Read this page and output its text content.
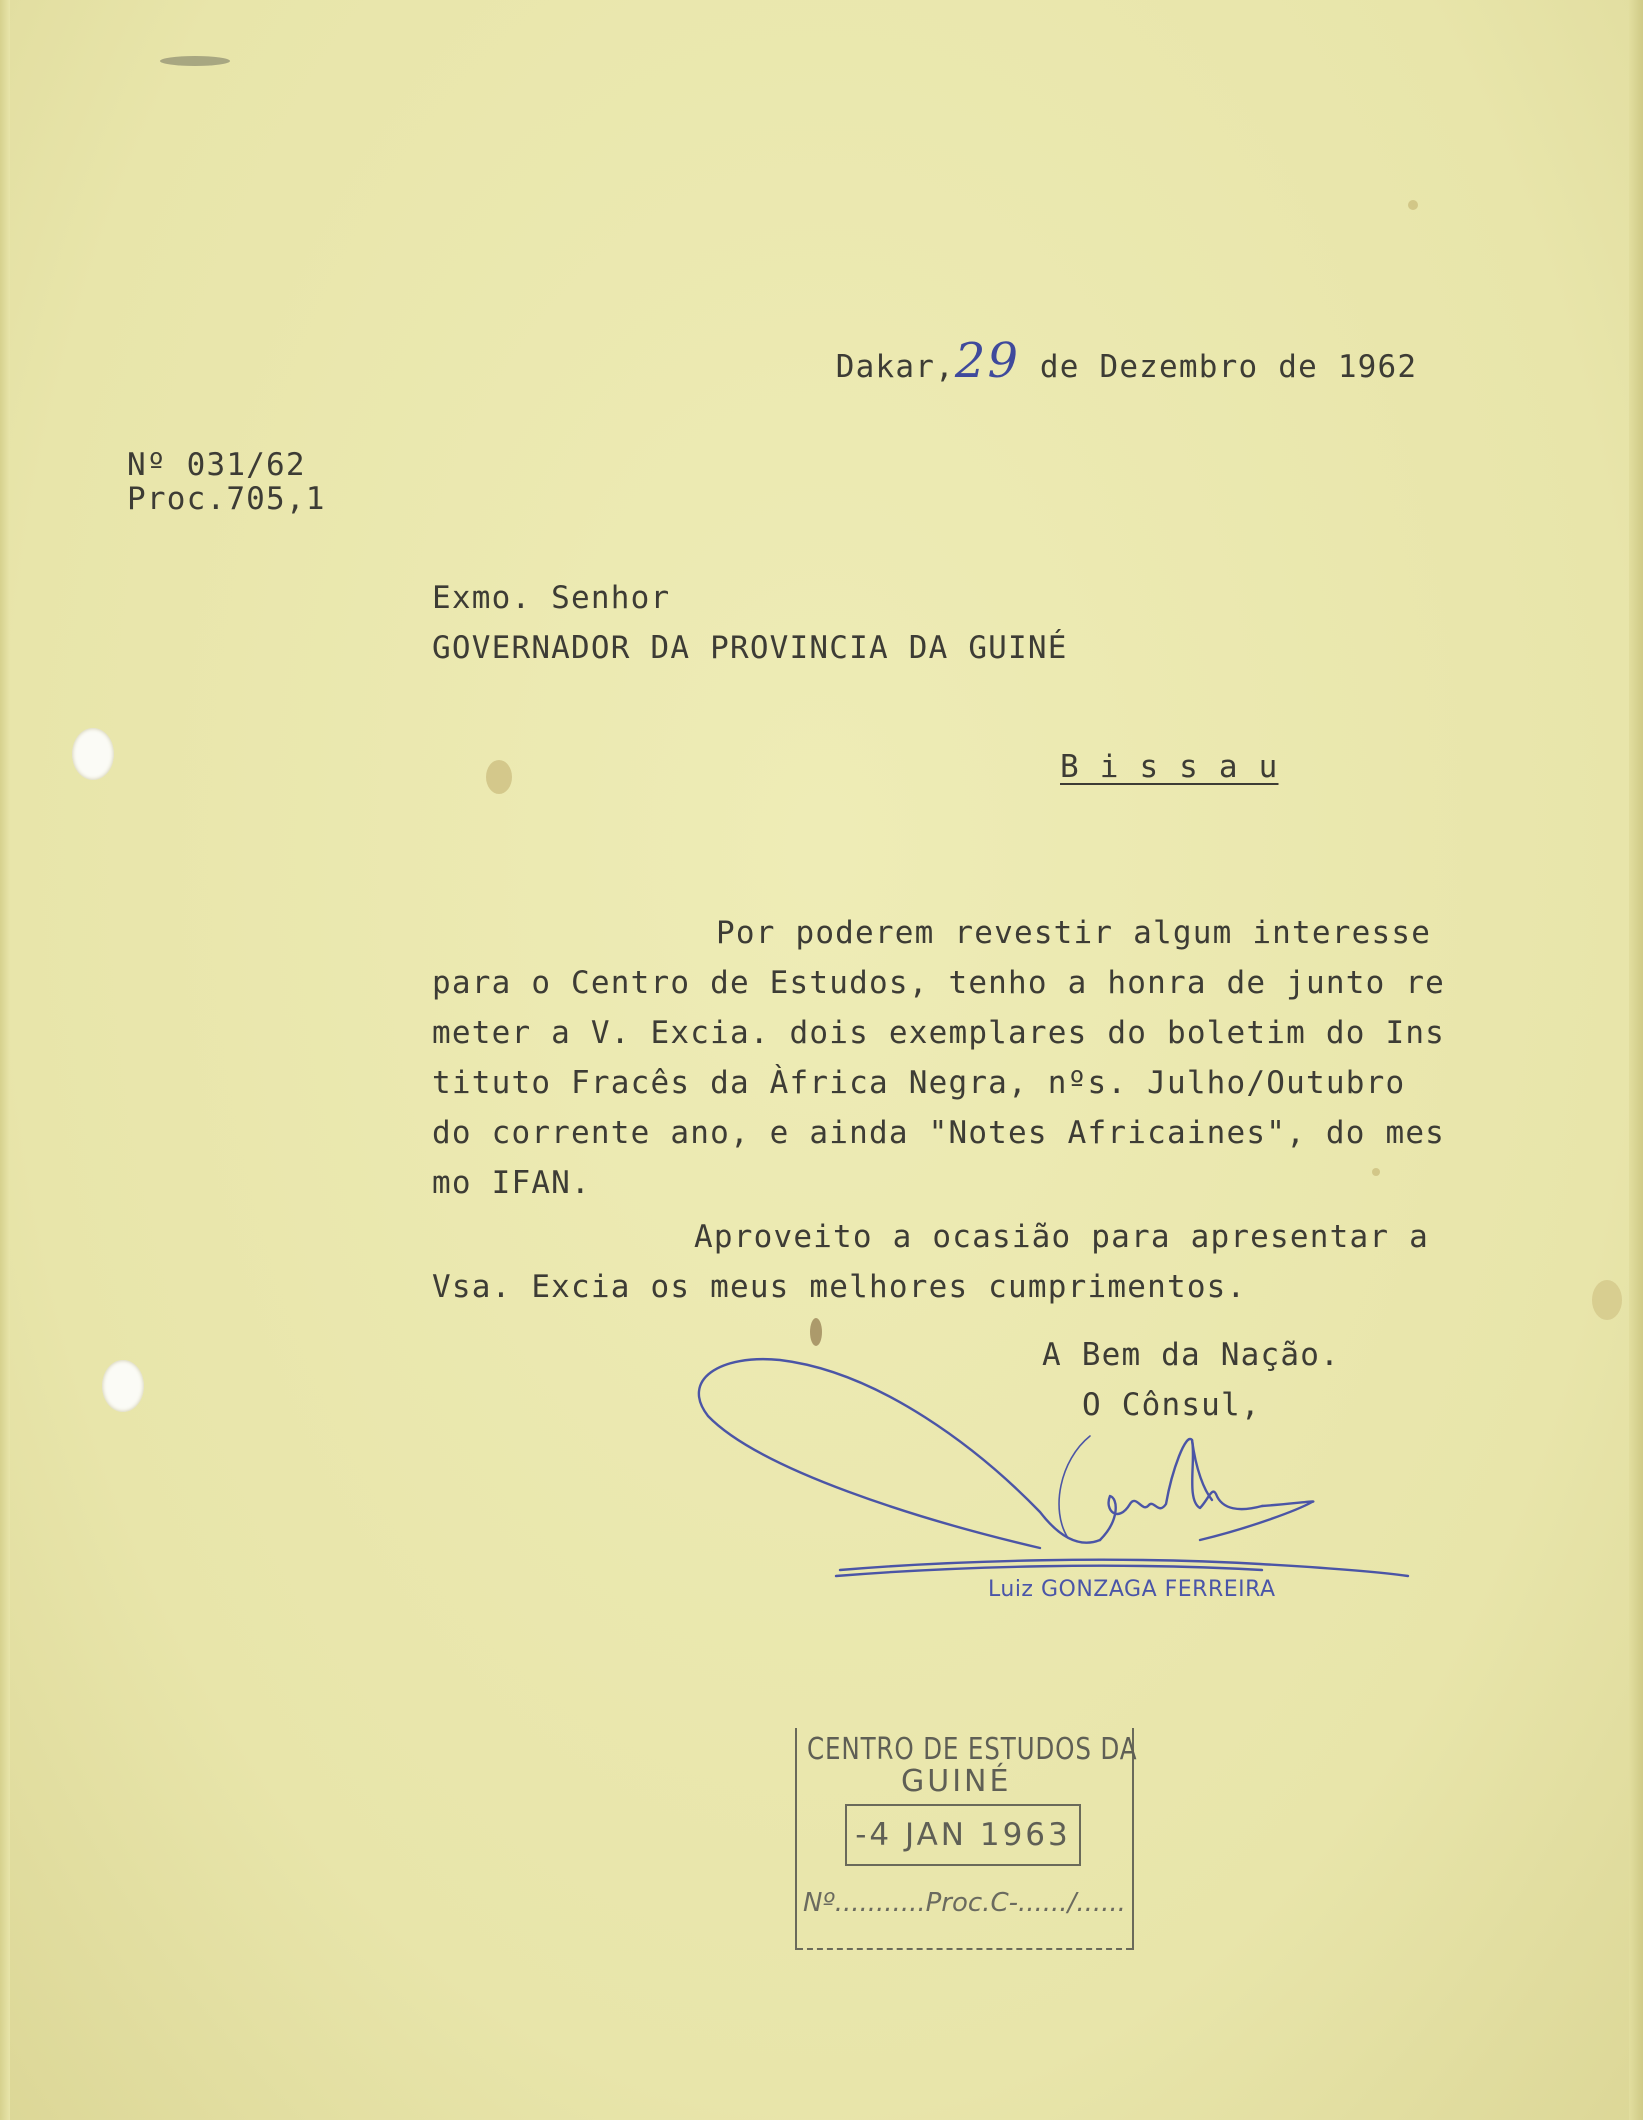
Dakar,29 de Dezembro de 1962

Nº 031/62
Proc.705,1
Exmo. Senhor
GOVERNADOR DA PROVINCIA DA GUINÉ
B i s s a u
Por poderem revestir algum interesse
para o Centro de Estudos, tenho a honra de junto re
meter a V. Excia. dois exemplares do boletim do Ins
tituto Fracês da Àfrica Negra, nºs. Julho/Outubro
do corrente ano, e ainda "Notes Africaines", do mes
mo IFAN.
Aproveito a ocasião para apresentar a
Vsa. Excia os meus melhores cumprimentos.
A Bem da Nação.
O Cônsul,
Luiz GONZAGA FERREIRA
CENTRO DE ESTUDOS DA
GUINÉ
-4 JAN 1963
Nº...........Proc.C-....../......
